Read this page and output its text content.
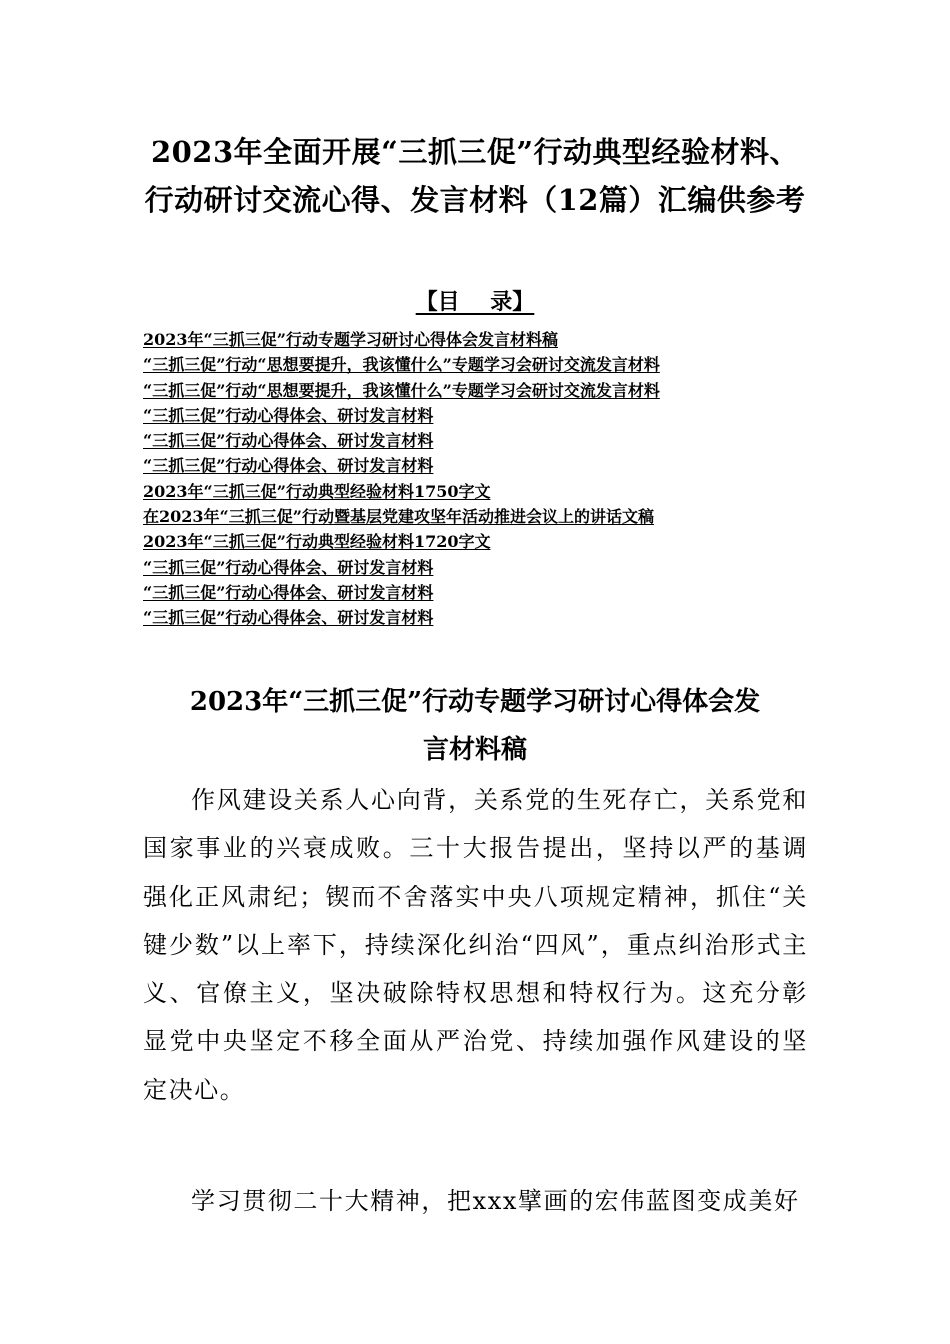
2023年全面开展“三抓三促”行动典型经验材料、
行动研讨交流心得、发言材料（12篇）汇编供参考
【目    录】
2023年“三抓三促”行动专题学习研讨心得体会发言材料稿
“三抓三促”行动“思想要提升，我该懂什么”专题学习会研讨交流发言材料
“三抓三促”行动“思想要提升，我该懂什么”专题学习会研讨交流发言材料
“三抓三促”行动心得体会、研讨发言材料
“三抓三促”行动心得体会、研讨发言材料
“三抓三促”行动心得体会、研讨发言材料
2023年“三抓三促”行动典型经验材料1750字文
在2023年“三抓三促”行动暨基层党建攻坚年活动推进会议上的讲话文稿
2023年“三抓三促”行动典型经验材料1720字文
“三抓三促”行动心得体会、研讨发言材料
“三抓三促”行动心得体会、研讨发言材料
“三抓三促”行动心得体会、研讨发言材料
2023年“三抓三促”行动专题学习研讨心得体会发
言材料稿

作风建设关系人心向背，关系党的生死存亡，关系党和国家事业的兴衰成败。三十大报告提出，坚持以严的基调强化正风肃纪；锲而不舍落实中央八项规定精神，抓住“关键少数”以上率下，持续深化纠治“四风”，重点纠治形式主义、官僚主义，坚决破除特权思想和特权行为。这充分彰显党中央坚定不移全面从严治党、持续加强作风建设的坚定决心。

学习贯彻二十大精神，把xxx擘画的宏伟蓝图变成美好
